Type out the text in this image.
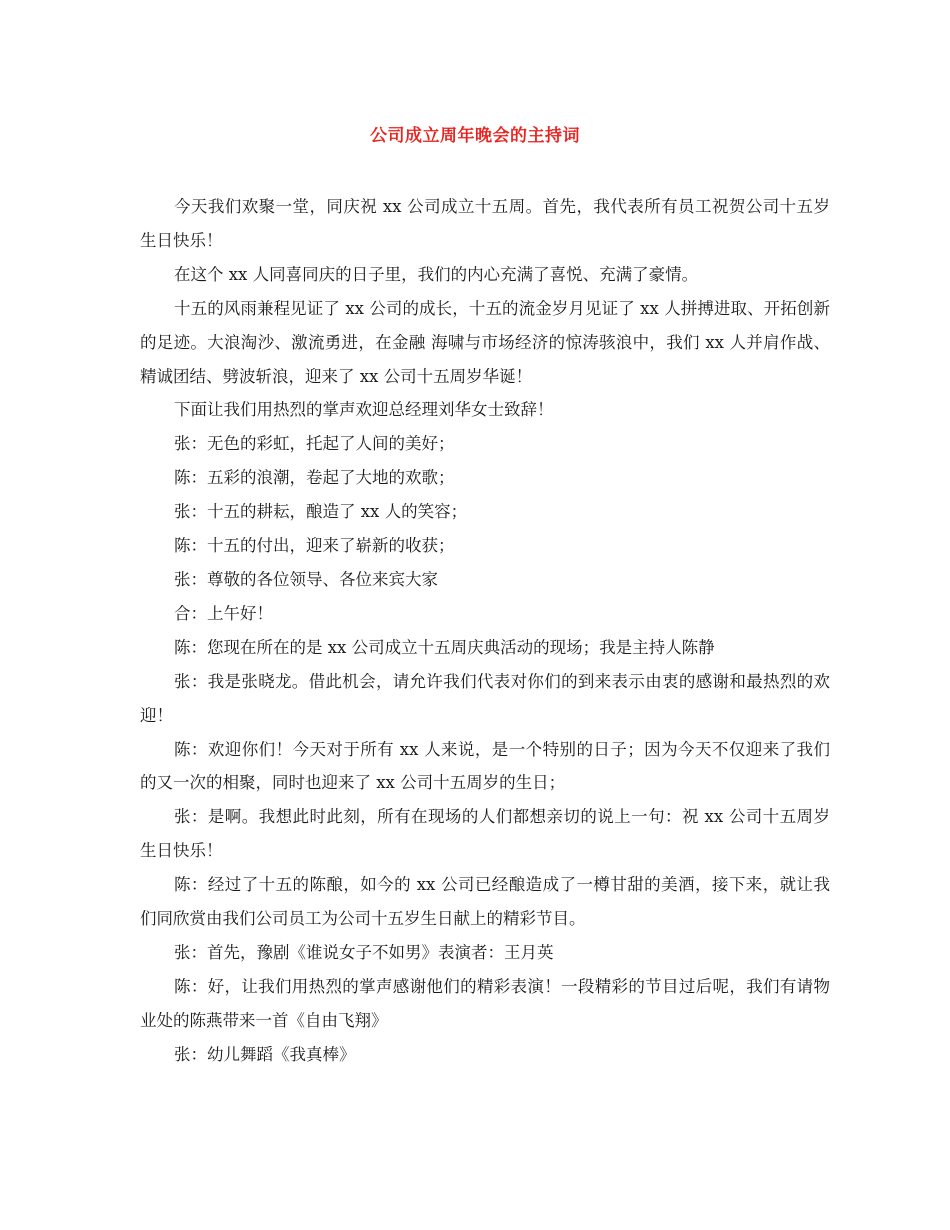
公司成立周年晚会的主持词

今天我们欢聚一堂，同庆祝 xx 公司成立十五周。首先，我代表所有员工祝贺公司十五岁生日快乐！

在这个 xx 人同喜同庆的日子里，我们的内心充满了喜悦、充满了豪情。

十五的风雨兼程见证了 xx 公司的成长，十五的流金岁月见证了 xx 人拼搏进取、开拓创新的足迹。大浪淘沙、激流勇进，在金融 海啸与市场经济的惊涛骇浪中，我们 xx 人并肩作战、精诚团结、劈波斩浪，迎来了 xx 公司十五周岁华诞！

下面让我们用热烈的掌声欢迎总经理刘华女士致辞！

张：无色的彩虹，托起了人间的美好；

陈：五彩的浪潮，卷起了大地的欢歌；

张：十五的耕耘，酿造了 xx 人的笑容；

陈：十五的付出，迎来了崭新的收获；

张：尊敬的各位领导、各位来宾大家

合：上午好！

陈：您现在所在的是 xx 公司成立十五周庆典活动的现场；我是主持人陈静

张：我是张晓龙。借此机会，请允许我们代表对你们的到来表示由衷的感谢和最热烈的欢迎！

陈：欢迎你们！今天对于所有 xx 人来说，是一个特别的日子；因为今天不仅迎来了我们的又一次的相聚，同时也迎来了 xx 公司十五周岁的生日；

张：是啊。我想此时此刻，所有在现场的人们都想亲切的说上一句：祝 xx 公司十五周岁生日快乐！

陈：经过了十五的陈酿，如今的 xx 公司已经酿造成了一樽甘甜的美酒，接下来，就让我们同欣赏由我们公司员工为公司十五岁生日献上的精彩节目。

张：首先，豫剧《谁说女子不如男》表演者：王月英

陈：好，让我们用热烈的掌声感谢他们的精彩表演！一段精彩的节目过后呢，我们有请物业处的陈燕带来一首《自由飞翔》

张：幼儿舞蹈《我真棒》
